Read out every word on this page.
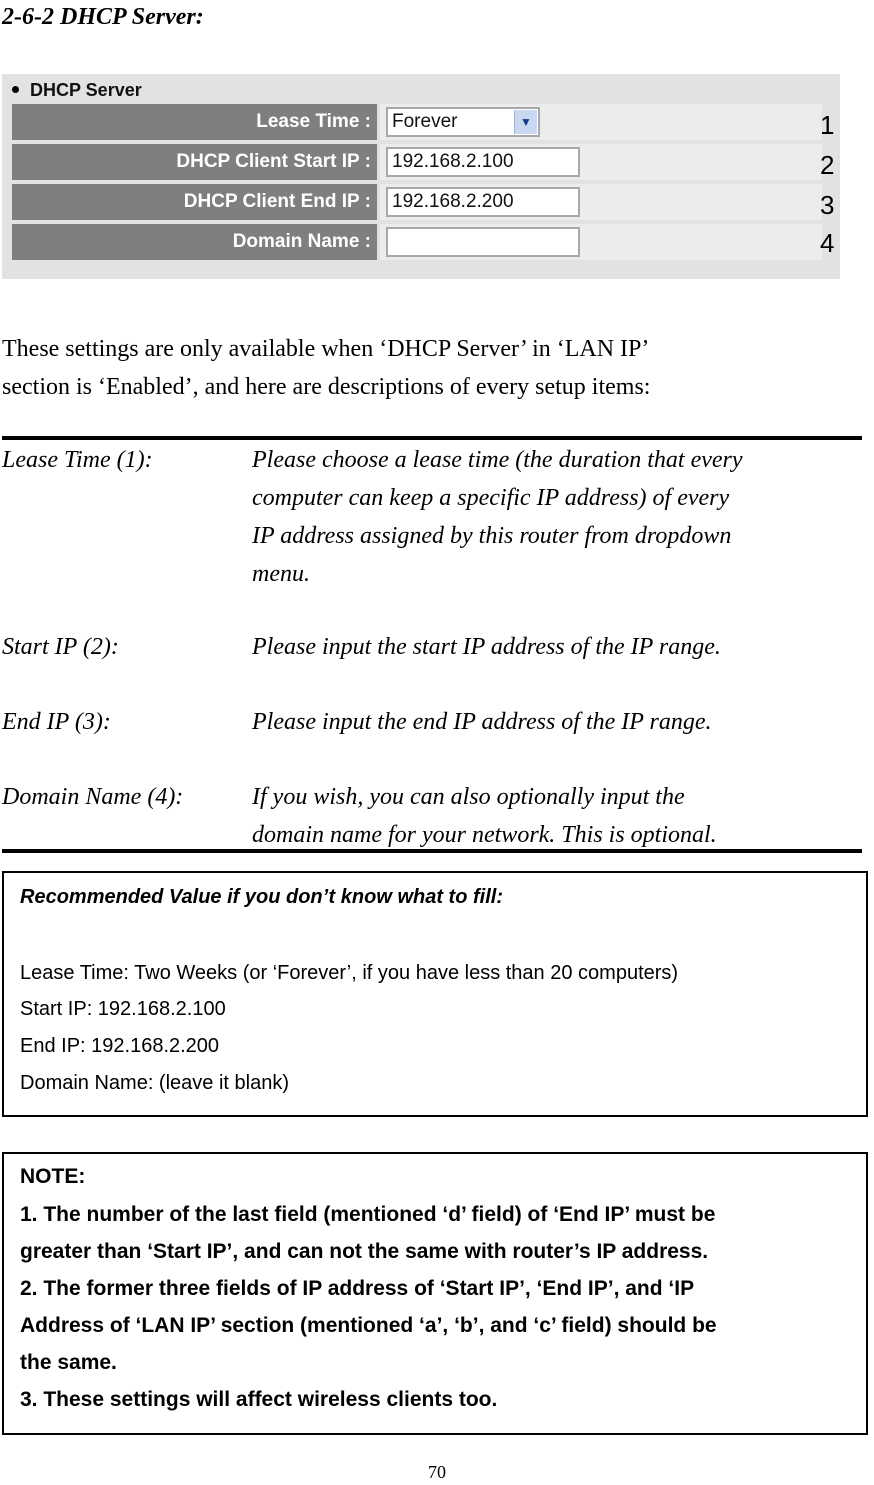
2-6-2 DHCP Server:
DHCP Server
Lease Time :	Forever	▼
DHCP Client Start IP :	192.168.2.100
DHCP Client End IP :	192.168.2.200
Domain Name :
1
2
3
4

These settings are only available when ‘DHCP Server’ in ‘LAN IP’
section is ‘Enabled’, and here are descriptions of every setup items:

Lease Time (1):	Please choose a lease time (the duration that every
computer can keep a specific IP address) of every
IP address assigned by this router from dropdown
menu.

Start IP (2):	Please input the start IP address of the IP range.

End IP (3):	Please input the end IP address of the IP range.

Domain Name (4):	If you wish, you can also optionally input the
domain name for your network. This is optional.

Recommended Value if you don’t know what to fill:
Lease Time: Two Weeks (or ‘Forever’, if you have less than 20 computers)
Start IP: 192.168.2.100
End IP: 192.168.2.200
Domain Name: (leave it blank)
NOTE:
1. The number of the last field (mentioned ‘d’ field) of ‘End IP’ must be
greater than ‘Start IP’, and can not the same with router’s IP address.
2. The former three fields of IP address of ‘Start IP’, ‘End IP’, and ‘IP
Address of ‘LAN IP’ section (mentioned ‘a’, ‘b’, and ‘c’ field) should be
the same.
3. These settings will affect wireless clients too.
70
